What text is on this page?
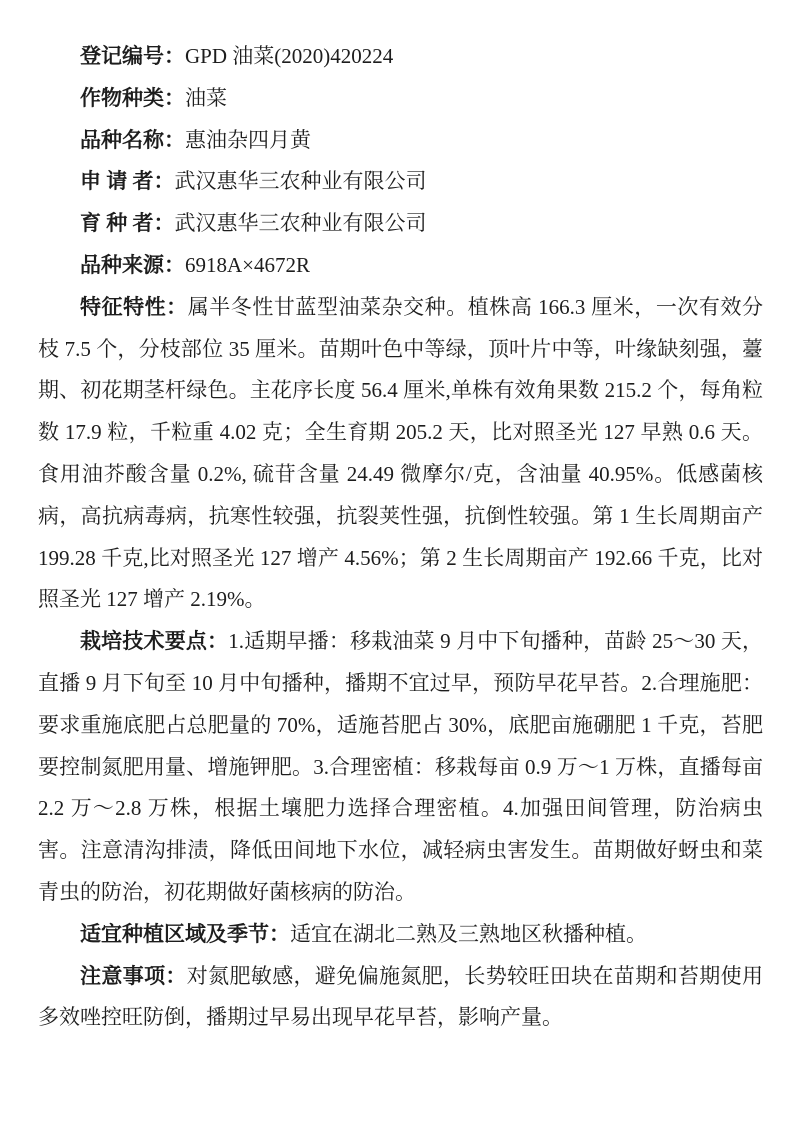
登记编号：GPD 油菜(2020)420224
作物种类：油菜
品种名称：惠油杂四月黄
申 请 者：武汉惠华三农种业有限公司
育 种 者：武汉惠华三农种业有限公司
品种来源：6918A×4672R

特征特性：属半冬性甘蓝型油菜杂交种。植株高 166.3 厘米，一次有效分枝 7.5 个，分枝部位 35 厘米。苗期叶色中等绿，顶叶片中等，叶缘缺刻强，薹期、初花期茎杆绿色。主花序长度 56.4 厘米,单株有效角果数 215.2 个，每角粒数 17.9 粒，千粒重 4.02 克；全生育期 205.2 天，比对照圣光 127 早熟 0.6 天。食用油芥酸含量 0.2%, 硫苷含量 24.49 微摩尔/克，含油量 40.95%。低感菌核病，高抗病毒病，抗寒性较强，抗裂荚性强，抗倒性较强。第 1 生长周期亩产 199.28 千克,比对照圣光 127 增产 4.56%；第 2 生长周期亩产 192.66 千克，比对照圣光 127 增产 2.19%。

栽培技术要点：1.适期早播：移栽油菜 9 月中下旬播种，苗龄 25～30 天，直播 9 月下旬至 10 月中旬播种，播期不宜过早，预防早花早苔。2.合理施肥：要求重施底肥占总肥量的 70%，适施苔肥占 30%，底肥亩施硼肥 1 千克，苔肥要控制氮肥用量、增施钾肥。3.合理密植：移栽每亩 0.9 万～1 万株，直播每亩 2.2 万～2.8 万株，根据土壤肥力选择合理密植。4.加强田间管理，防治病虫害。注意清沟排渍，降低田间地下水位，减轻病虫害发生。苗期做好蚜虫和菜青虫的防治，初花期做好菌核病的防治。

适宜种植区域及季节：适宜在湖北二熟及三熟地区秋播种植。

注意事项：对氮肥敏感，避免偏施氮肥，长势较旺田块在苗期和苔期使用多效唑控旺防倒，播期过早易出现早花早苔，影响产量。
